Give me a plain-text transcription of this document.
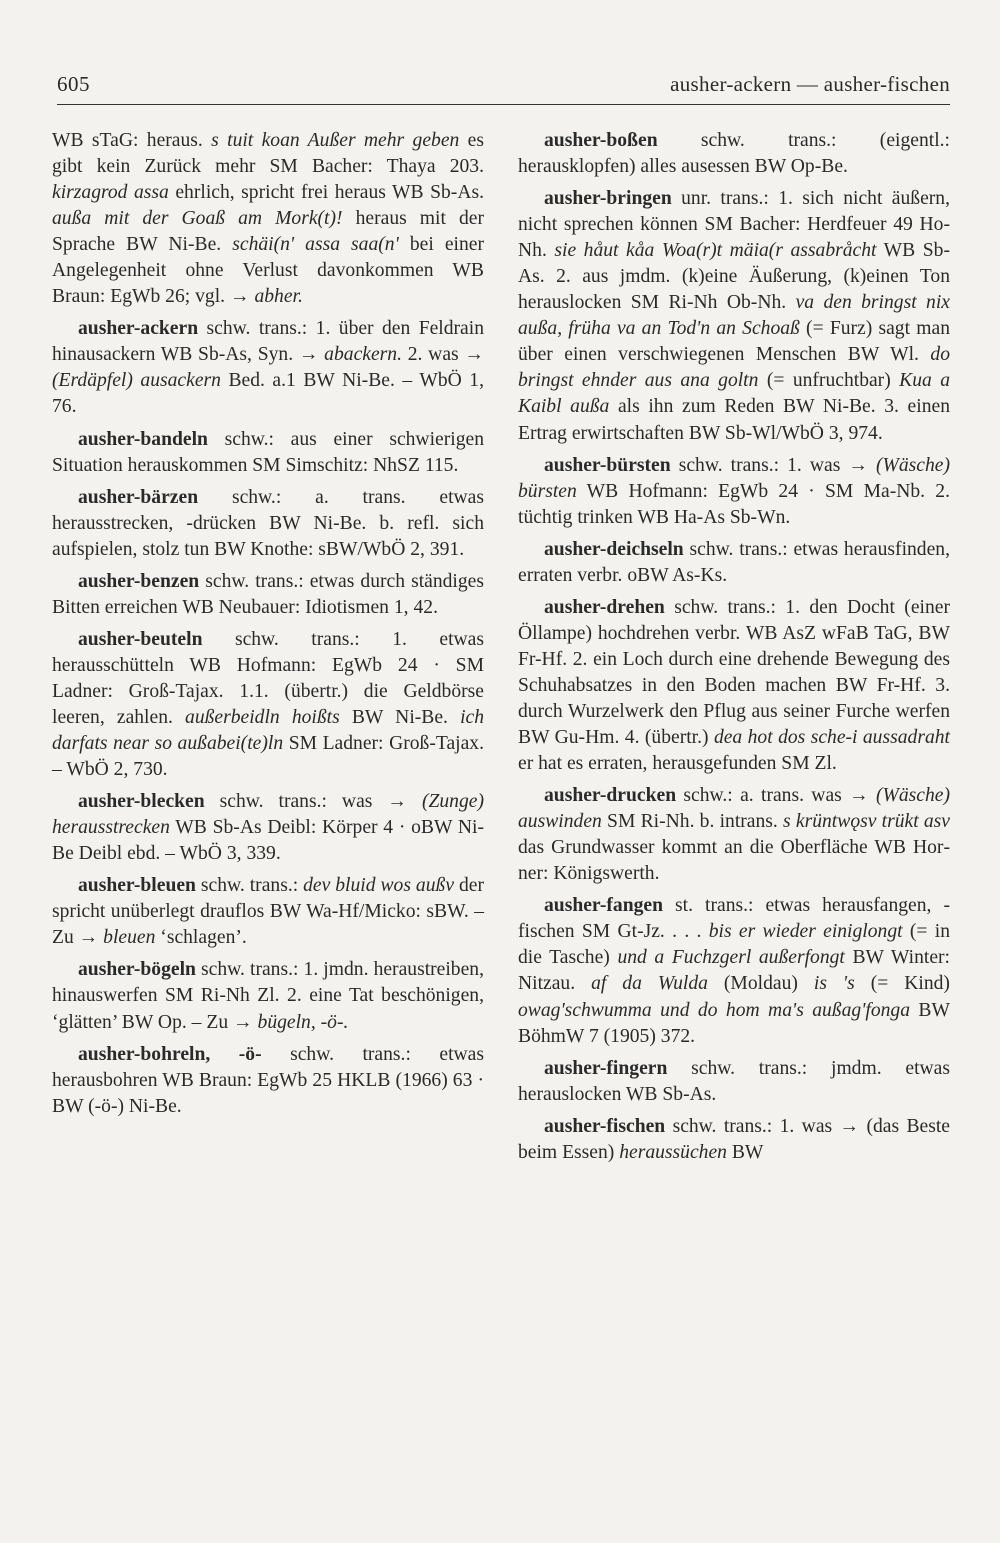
605	ausher-ackern — ausher-fischen

WB sTaG: heraus. s tuit koan Außer mehr geben es gibt kein Zurück mehr SM Bacher: Thaya 203. kirzagrod assa ehrlich, spricht frei heraus WB Sb-As. außa mit der Goaß am Mork(t)! heraus mit der Sprache BW Ni-Be. schäi(n' assa saa(n' bei einer Angelegenheit ohne Verlust davonkommen WB Braun: EgWb 26; vgl. → abher.

ausher-ackern schw. trans.: 1. über den Feldrain hinausackern WB Sb-As, Syn. → abackern. 2. was → (Erdäpfel) ausackern Bed. a.1 BW Ni-Be. – WbÖ 1, 76.

ausher-bandeln schw.: aus einer schwierigen Situation herauskommen SM Simschitz: NhSZ 115.

ausher-bärzen schw.: a. trans. etwas herausstrecken, -drücken BW Ni-Be. b. refl. sich aufspielen, stolz tun BW Knothe: sBW/WbÖ 2, 391.

ausher-benzen schw. trans.: etwas durch ständiges Bitten erreichen WB Neubauer: Idiotismen 1, 42.

ausher-beuteln schw. trans.: 1. etwas herausschütteln WB Hofmann: EgWb 24 · SM Ladner: Groß-Tajax. 1.1. (übertr.) die Geldbörse leeren, zahlen. außerbeidln hoißts BW Ni-Be. ich darfats near so außabei(te)ln SM Ladner: Groß-Tajax. – WbÖ 2, 730.

ausher-blecken schw. trans.: was → (Zunge) herausstrecken WB Sb-As Deibl: Körper 4 · oBW Ni-Be Deibl ebd. – WbÖ 3, 339.

ausher-bleuen schw. trans.: dev bluid wos außv der spricht unüberlegt drauflos BW Wa-Hf/Micko: sBW. – Zu → bleuen ‘schlagen’.

ausher-bögeln schw. trans.: 1. jmdn. heraustreiben, hinauswerfen SM Ri-Nh Zl. 2. eine Tat beschönigen, ‘glätten’ BW Op. – Zu → bügeln, -ö-.

ausher-bohreln, -ö- schw. trans.: etwas herausbohren WB Braun: EgWb 25 HKLB (1966) 63 · BW (-ö-) Ni-Be.

ausher-boßen schw. trans.: (eigentl.: herausklopfen) alles ausessen BW Op-Be.

ausher-bringen unr. trans.: 1. sich nicht äußern, nicht sprechen können SM Bacher: Herdfeuer 49 Ho-Nh. sie håut kåa Woa(r)t mäia(r assabråcht WB Sb-As. 2. aus jmdm. (k)eine Äußerung, (k)einen Ton herauslocken SM Ri-Nh Ob-Nh. va den bringst nix außa, früha va an Tod'n an Schoaß (= Furz) sagt man über einen verschwiegenen Menschen BW Wl. do bringst ehnder aus ana goltn (= unfruchtbar) Kua a Kaibl außa als ihn zum Reden BW Ni-Be. 3. einen Ertrag erwirtschaften BW Sb-Wl/WbÖ 3, 974.

ausher-bürsten schw. trans.: 1. was → (Wäsche) bürsten WB Hofmann: EgWb 24 · SM Ma-Nb. 2. tüchtig trinken WB Ha-As Sb-Wn.

ausher-deichseln schw. trans.: etwas herausfinden, erraten verbr. oBW As-Ks.

ausher-drehen schw. trans.: 1. den Docht (einer Öllampe) hochdrehen verbr. WB AsZ wFaB TaG, BW Fr-Hf. 2. ein Loch durch eine drehende Bewegung des Schuhabsatzes in den Boden machen BW Fr-Hf. 3. durch Wurzelwerk den Pflug aus seiner Furche werfen BW Gu-Hm. 4. (übertr.) dea hot dos sche-i aussadraht er hat es erraten, herausgefunden SM Zl.

ausher-drucken schw.: a. trans. was → (Wäsche) auswinden SM Ri-Nh. b. intrans. s krüntwǫsv trükt asv das Grundwasser kommt an die Oberfläche WB Horner: Königswerth.

ausher-fangen st. trans.: etwas herausfangen, -fischen SM Gt-Jz. . . . bis er wieder einiglongt (= in die Tasche) und a Fuchzgerl außerfongt BW Winter: Nitzau. af da Wulda (Moldau) is 's (= Kind) owag'schwumma und do hom ma's außag'fonga BW BöhmW 7 (1905) 372.

ausher-fingern schw. trans.: jmdm. etwas herauslocken WB Sb-As.

ausher-fischen schw. trans.: 1. was → (das Beste beim Essen) heraussüchen BW
